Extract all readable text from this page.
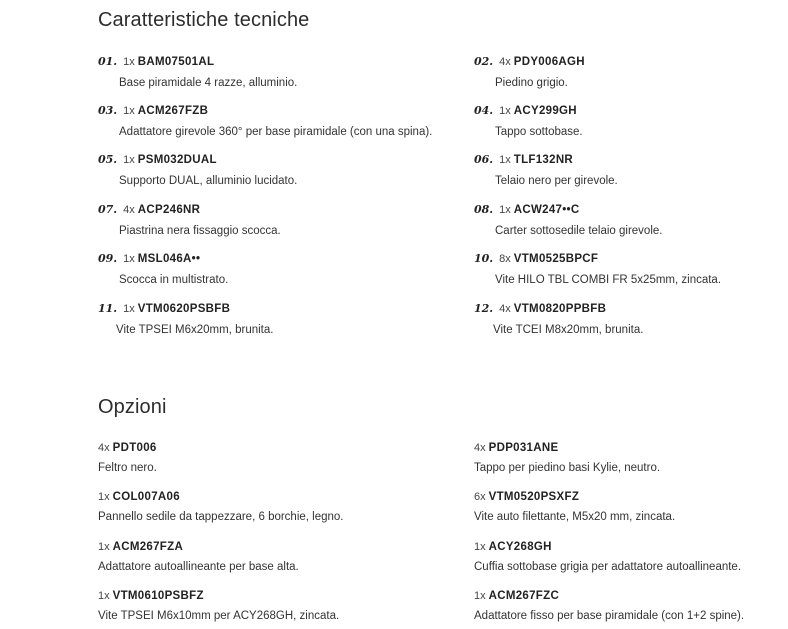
Caratteristiche tecniche
01. 1x BAM07501AL
Base piramidale 4 razze, alluminio.
02. 4x PDY006AGH
Piedino grigio.
03. 1x ACM267FZB
Adattatore girevole 360° per base piramidale (con una spina).
04. 1x ACY299GH
Tappo sottobase.
05. 1x PSM032DUAL
Supporto DUAL, alluminio lucidato.
06. 1x TLF132NR
Telaio nero per girevole.
07. 4x ACP246NR
Piastrina nera fissaggio scocca.
08. 1x ACW247••C
Carter sottosedile telaio girevole.
09. 1x MSL046A••
Scocca in multistrato.
10. 8x VTM0525BPCF
Vite HILO TBL COMBI FR 5x25mm, zincata.
11. 1x VTM0620PSBFB
Vite TPSEI M6x20mm, brunita.
12. 4x VTM0820PPBFB
Vite TCEI M8x20mm, brunita.
Opzioni
4x PDT006
Feltro nero.
4x PDP031ANE
Tappo per piedino basi Kylie, neutro.
1x COL007A06
Pannello sedile da tappezzare, 6 borchie, legno.
6x VTM0520PSXFZ
Vite auto filettante, M5x20 mm, zincata.
1x ACM267FZA
Adattatore autoallineante per base alta.
1x ACY268GH
Cuffia sottobase grigia per adattatore autoallineante.
1x VTM0610PSBFZ
Vite TPSEI M6x10mm per ACY268GH, zincata.
1x ACM267FZC
Adattatore fisso per base piramidale (con 1+2 spine).
